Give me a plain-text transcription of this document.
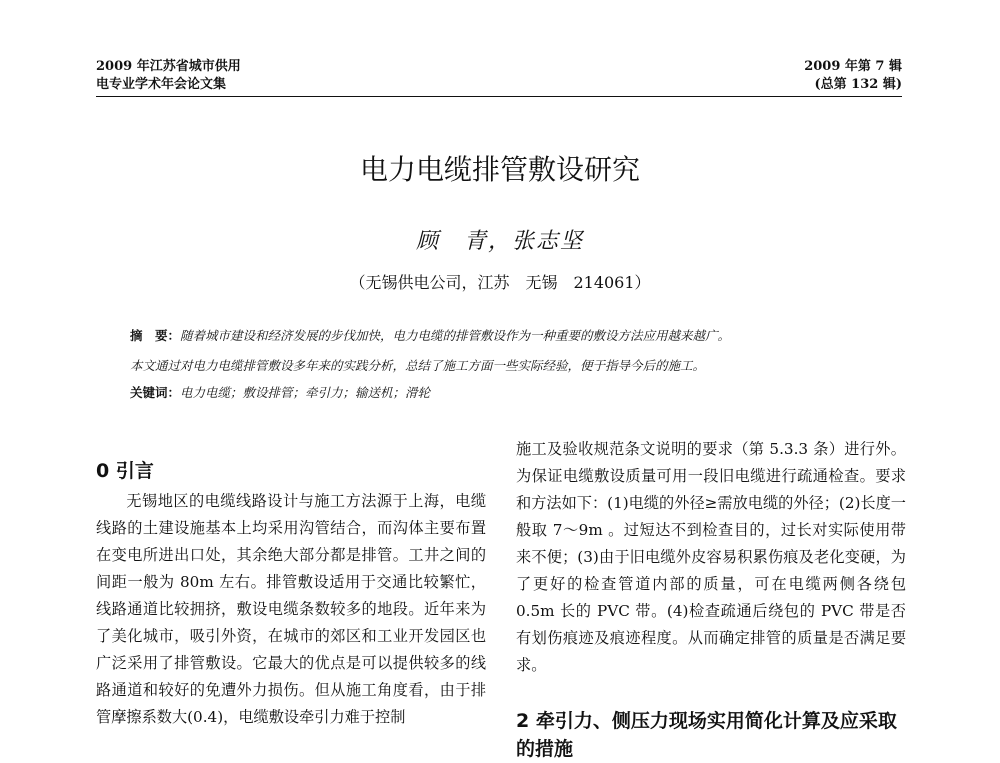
2009 年江苏省城市供用
电专业学术年会论文集
2009 年第 7 辑
(总第 132 辑)
电力电缆排管敷设研究
顾　青，张志坚
（无锡供电公司，江苏　无锡　214061）
摘　要：随着城市建设和经济发展的步伐加快，电力电缆的排管敷设作为一种重要的敷设方法应用越来越广。
本文通过对电力电缆排管敷设多年来的实践分析，总结了施工方面一些实际经验，便于指导今后的施工。
关键词：电力电缆；敷设排管；牵引力；输送机；滑轮
0 引言

无锡地区的电缆线路设计与施工方法源于上海，电缆线路的土建设施基本上均采用沟管结合，而沟体主要布置在变电所进出口处，其余绝大部分都是排管。工井之间的间距一般为 80m 左右。排管敷设适用于交通比较繁忙，线路通道比较拥挤，敷设电缆条数较多的地段。近年来为了美化城市，吸引外资，在城市的郊区和工业开发园区也广泛采用了排管敷设。它最大的优点是可以提供较多的线路通道和较好的免遭外力损伤。但从施工角度看，由于排管摩擦系数大(0.4)，电缆敷设牵引力难于控制

施工及验收规范条文说明的要求（第 5.3.3 条）进行外。为保证电缆敷设质量可用一段旧电缆进行疏通检查。要求和方法如下：(1)电缆的外径≥需放电缆的外径；(2)长度一般取 7～9m 。过短达不到检查目的，过长对实际使用带来不便；(3)由于旧电缆外皮容易积累伤痕及老化变硬，为了更好的检查管道内部的质量，可在电缆两侧各绕包 0.5m 长的 PVC 带。(4)检查疏通后绕包的 PVC 带是否有划伤痕迹及痕迹程度。从而确定排管的质量是否满足要求。

2 牵引力、侧压力现场实用简化计算及应采取的措施
